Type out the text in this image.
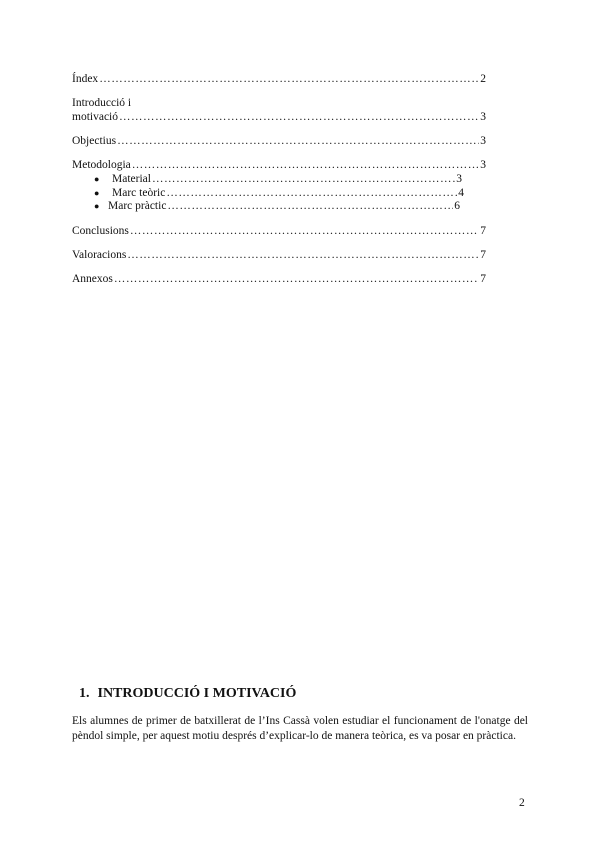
Índex …………………………………………………………………………………………………………………………………………………	2
Introducció i
motivació …………………………………………………………………………………………………………………………………………………	3
Objectius …………………………………………………………………………………………………………………………………………………	3
Metodologia …………………………………………………………………………………………………………………………………………………	3
●	Material …………………………………………………………………………………………………………………………………………………	3
●	Marc teòric …………………………………………………………………………………………………………………………………………………	4
● Marc pràctic …………………………………………………………………………………………………………………………………………………	6
Conclusions …………………………………………………………………………………………………………………………………………………	7
Valoracions …………………………………………………………………………………………………………………………………………………	7
Annexos …………………………………………………………………………………………………………………………………………………	7
1. INTRODUCCIÓ I MOTIVACIÓ
Els alumnes de primer de batxillerat de l’Ins Cassà volen estudiar el funcionament de l'onatge del pèndol simple, per aquest motiu després d’explicar-lo de manera teòrica, es va posar en pràctica.
2
